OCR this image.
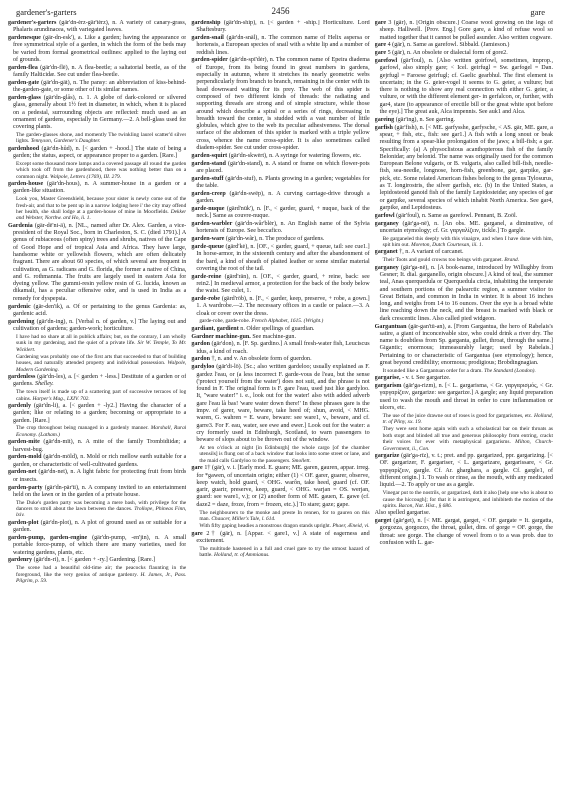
gardener's-garters	2456	gare

gardener's-garters (gär'dn-ėrz-gär'tėrz), n. A variety of canary-grass, Phalaris arundinacea, with variegated leaves.

gardenesque (gär-dn-esk'), a. Like a garden; having the appearance or free symmetrical style of a garden, in which the form of the beds may be varied from formal geometrical outlines: applied to the laying out of grounds.

garden-flea (gär'dn-flē), n. A flea-beetle; a saltatorial beetle, as of the family Halticidæ. See cut under flea-beetle.

garden-gate (gär'dn-gāt), n. The pansy: an abbreviation of kiss-behind-the-garden-gate, or some other of its similar names.

garden-glass (gär'dn-glås), n. 1. A globe of dark-colored or silvered glass, generally about 1½ feet in diameter, in which, when it is placed on a pedestal, surrounding objects are reflected: much used as an ornament of gardens, especially in Germany.—2. A bell-glass used for covering plants.

The garden-glasses shone, and momently The twinkling laurel scatter'd silver lights. Tennyson, Gardener's Daughter.

gardenhood (gär'dn-hůd), n. [< garden + -hood.] The state of being a garden; the status, aspect, or appearance proper to a garden. [Rare.]

Except some thousand more lamps and a covered passage all round the garden which took off from the gardenhood, there was nothing better than on a common night. Walpole, Letters (1769), III. 279.

garden-house (gär'dn-hous), n. A summer-house in a garden or a garden-like situation.

Look you, Master Greenshield, because your sister is newly come out of the fresh-air, and that to be pent up in a narrow lodging here i' the city may offend her health, she shall lodge at a garden-house of mine in Moorfields. Dekker and Webster, Northw. ard Ho, ii. 1.

Gardenia (gär-dē'ni-ä), n. [NL., named after Dr. Alex. Garden, a vice-president of the Royal Soc., born in Charleston, S. C. (died 1791).] A genus of rubiaceous (often spiny) trees and shrubs, natives of the Cape of Good Hope and of tropical Asia and Africa. They have large, handsome white or yellowish flowers, which are often delicately fragrant. There are about 60 species, of which several are frequent in cultivation, as G. radicans and G. florida, the former a native of China, and G. rothmannia. The fruits are largely used in eastern Asia for dyeing yellow. The gummi-resin yellow resin of G. lucida, known as dikamali, has a peculiar offensive odor, and is used in India as a remedy for dyspepsia.

gardenic (gär-den'ik), a. Of or pertaining to the genus Gardenia: as, gardenic acid.

gardening (gär'dn-ing), n. [Verbal n. of garden, v.] The laying out and cultivation of gardens; garden-work; horticulture.

I have had no share at all in publick affairs; but, on the contrary, I am wholly sunk in my gardening, and the quiet of a private life. Sir W. Temple, To Mr. Wicklert.

Gardening was probably one of the first arts that succeeded to that of building houses, and naturally attended property and individual possession. Walpole, Modern Gardening.

gardenless (gär'dn-les), a. [< garden + -less.] Destitute of a garden or of gardens. Shelley.

The town itself is made up of a scattering part of successive terraces of log cabins. Harper's Mag., LXIV. 702.

gardenly (gär'dn-li), a. [< garden + -ly2.] Having the character of a garden; like or relating to a garden; becoming or appropriate to a garden. [Rare.]

The crop throughout being managed in a gardenly manner. Marshall, Rural Economy. (Latham.)

garden-mite (gär'dn-mīt), n. A mite of the family Trombidiidæ; a harvest-bug.

garden-mold (gär'dn-mōld), n. Mold or rich mellow earth suitable for a garden, or characteristic of well-cultivated gardens.

garden-net (gär'dn-net), n. A light fabric for protecting fruit from birds or insects.

garden-party (gär'dn-pär'ti), n. A company invited to an entertainment held on the lawn or in the garden of a private house.

The Duke's garden party was becoming a mere bash, with privilege for the dancers to stroll about the lawn between the dances. Trollope, Phineas Finn, lxiv.

garden-plot (gär'dn-plot), n. A plot of ground used as or suitable for a garden.

garden-pump, garden-engine (gär'dn-pump, -en'jin), n. A small portable force-pump, of which there are many varieties, used for watering gardens, plants, etc.

gardenry (gär'dn-ri), n. [< garden + -ry.] Gardening. [Rare.]

The scene had a beautiful old-time air; the peacocks flaunting in the foreground, like the very genius of antique gardenry. H. James, Jr., Pass. Pilgrim, p. 59.

gardenship (gär'dn-ship), n. [< garden + -ship.] Horticulture. Lord Shaftesbury.

garden-snail (gär'dn-snāl), n. The common name of Helix aspersa or hortensis, a European species of snail with a white lip and a number of reddish lines.

garden-spider (gär'dn-spī'dėr), n. The common name of Epeira diadema of Europe, from its being found in great numbers in gardens, especially in autumn, where it stretches its nearly geometric webs perpendicularly from branch to branch, remaining in the center with its head downward waiting for its prey. The web of this spider is composed of two different kinds of threads: the radiating and supporting threads are strong and of simple structure, while those around which describe a spiral or a series of rings, decreasing in breadth toward the center, is studded with a vast number of little globules, which give to the web its peculiar adhesiveness. The dorsal surface of the abdomen of this spider is marked with a triple yellow cross, whence the name cross-spider. It is also sometimes called diadem-spider. See cut under cross-spider.

garden-squirt (gär'dn-skwėrt), n. A syringe for watering flowers, etc.

garden-stand (gär'dn-stand), n. A stand or frame on which flower-pots are placed.

garden-stuff (gär'dn-stuf), n. Plants growing in a garden; vegetables for the table.

garden-creep (gär'dn-swēp), n. A curving carriage-drive through a garden.

garde-nuque (gärd'nūk'), n. [F., < garder, guard, + nuque, back of the neck.] Same as couvre-nuque.

garden-warbler (gär'dn-wâr'blėr), n. An English name of the Sylvia hortensis of Europe. See beccafico.

garden-ware (gär'dn-wãr), n. The produce of gardens.

garde-queue (gärd'kė), n. [OF., < garder, guard, + queue, tail: see cue1.] In horse-armor, in the sixteenth century and after the abandonment of the bard, a kind of sheath of plaited leather or some similar material covering the root of the tail.

garde-reine (gärd'rān), n. [OF., < garder, guard, + reine, back: see rein2.] In medieval armor, a protection for the back of the body below the waist. See culet, 1.

garde-robe (gärd'rōb), n. [F., < garder, keep, preserve, + robe, a gown.] 1. A wardrobe.—2. The necessary offices in a castle or palace.—3. A cloak or cover over the dress.

garde-robe, garde-robe. French Alphabet, 1615. (Wright.)

gardiant, gardient n. Older spellings of guardian.

Gardner machine-gun. See machine-gun.

gardon (gär'don), n. [F. Sp. gardino.] A small fresh-water fish, Leuciscus idus, a kind of roach.

gardon †, n. and v. An obsolete form of guerdon.

gardyloo (gär'di-lö). [Sc.; also written gardeloo; usually explained as F. gardez l'eau, or (a less incorrect F. garde-vous de l'eau, but the sense ('protect yourself from the water') does not suit, and the phrase is not found in F. The original form is F. gare l'eau, used just like gardyloo. It, "ware water!" i. e., look out for the water! also with added adverb gare l'eau là bas! 'ware water down there!' In these phrases gare is the impv. of garer, ware, beware, take heed of; shun, avoid, < MHG. waren, G. wahren = E. ware, beware: see ware1, v., beware, and cf. garre3. For F. eau, water, see ewe and ewer.] Look out for the water: a cry formerly used in Edinburgh, Scotland, to warn passengers to beware of slops about to be thrown out of the window.

At ten o'clock at night [in Edinburgh] the whole cargo [of the chamber utensils] is flung out of a back window that looks into some street or lane, and the maid calls Gardyloo to the passengers. Smollett.

gare 1† (gār), v. i. [Early mod. E. guare; ME. garen, gauren, appar. irreg. for *gawen, of uncertain origin; either (1) < OF. garer, guarer, observe, keep watch, hold guard, < OHG. warôn, take heed, guard (cf. OF. garir, guarir, preserve, keep, guard, < OHG. warjan = OS. werjan, guard: see ware1, v.); or (2) another form of ME. gauen, E. gawe (cf. daze2 = daze, froze, frorn = frozen, etc.).] To stare; gaze; gape.

The neighbourers to the monke and preste In rennen, for to gauren on this man. Chaucer, Miller's Tale, l. 614.

With fifty gaping headies a monstrous dragon stands upright. Phaer, Æneid, vi.

gare 2† (gār), n. [Appar. < gare1, v.] A state of eagerness and excitement.

The multitude hastened in a full and cruel gare to try the utmost hazard of battle. Holland, tr. of Ammianus.

gare 3 (gār), n. [Origin obscure.] Coarse wool growing on the legs of sheep. Halliwell. [Prov. Eng.] Gore gare, a kind of refuse wool so matted together that it cannot be pulled asunder. Also written cogware.

gare 4 (gār), n. Same as garefowl. Sibbald. (Jamieson.)

gare 5 (gār), n. An obsolete or dialectal form of gore2.

garefowl (gär'foul), n. [Also written goirfowl, sometimes, improp., garfowl, also simply gare; < Icel. geirfugl = Sw. garfogel = Dan. gejrfugl = Faroese geirfugl; cf. Gaelic gearbhul. The first element is uncertain; in the G. geier-vogel it seems to G. geier, a vulture; but there is nothing to show any real connection with either G. geier, a vulture, or with the different element ger- in gerfalcon, or, further, with gar4, stare (to appearance of erectile bill or the great white spot before the eye).] The great auk, Alca impennis. See auk1 and Alca.

gareing (gär'ing), n. See garring.

garfish (gär'fish), n. [< ME. garfysshe, garfysche, < AS. gār, ME. gare, a spear, + fish, etc., fish: see gar1.] A fish with a long snout or beak resulting from a spear-like prolongation of the jaws; a bill-fish; a gar. Specifically: (a) A physoclistous acanthopterous fish of the family Belonidæ; any belonid. The name was originally used for the common European Belone vulgaris, or B. vulgaris, also called bill-fish, needle-fish, sea-needle, longnose, horn-fish, greenbone, gar, garpike, gar-pick, etc. Some related American fishes belong to the genus Tylosurus, as T. longirostris, the silver garfish, etc. (b) In the United States, a lepidosteoid ganoid fish of the family Lepidosteidæ; any species of gar or garpike, several species of which inhabit North America. See gar4, garpike, and Lepidosteus.

garfowl (gär'foul), n. Same as garefowl. Pennant, B. Zoöl.

garganey (gär'ga-nē), n. [An obs. ME. garganel, a diminutive, of uncertain etymology; cf. Gr. γαργαλίζειν, tickle.] To gargle.

Be garganeled this deeply with this vinaigre, and when I have done with him, spit him out. Moreton, Dutch Courtesan, iii. 1.

garganet †, n. A variant of carcanet.

Their Toots and gould crowns too beings with garganet. Brand.

garganey (gär'ga-nē), n. [A book-name, introduced by Willughby from Gesner; It. dial. garganello, origin obscure.] A kind of teal, the summer teal, Anas querquedula or Querquedula circia, inhabiting the temperate and southern portions of the palearctic region, a summer visitor to Great Britain, and common in India in winter. It is about 16 inches long, and weighs from 14 to 16 ounces. Over the eye is a broad white line reaching down the neck, and the breast is marked with black or dark crescentic lines. Also called pied widgeon.

Gargantuan (gär-gan'tū-an), a. [From Gargantua, the hero of Rabelais's satire, a giant of inconceivable size, who could drink a river dry. The name is doubtless from Sp. garganta, gullet, throat, through the same.] Gigantic; enormous; immeasurably large; used by Rabelais.] Pertaining to or characteristic of Gargantua (see etymology); hence, great beyond credibility; enormous; prodigious; Brobdingnagian.

It sounded like a Gargantuan order for a dram. The Standard (London).

gargarise, - v. t. See gargarize.

gargarism (gär'ga-rizm), n. [< L. gargarisma, < Gr. γαργαρισμός, < Gr. γαργαρίζειν, gargarize: see gargarize.] A gargle; any liquid preparation used to wash the mouth and throat in order to cure inflammation or ulcers, etc.

The use of the juice drawne out of roses is good for gargarismes, etc. Holland, tr. of Pliny, xx. 19.

They were sent home again with such a scholastical bar on their throats as both stopt and blinded all true and generous philosophy from entring, crackt their voices for ever with metaphysical gargarisms. Milton, Church-Government, ii., Con.

gargarize (gär'ga-rīz), v. t.; pret. and pp. gargarized, ppr. gargarizing. [< OF. gargarizer, F. gargariser, < L. gargarizare, gargarissare, < Gr. γαργαρίζειν, gargle. Cf. Ar. gharghara, a gargle. Cf. gargle1, of different origin.] 1. To wash or rinse, as the mouth, with any medicated liquid.—2. To apply or use as a gargle.

Vinegar put to the nostrils, or gargarized, doth it also [help one who is about to cause the hiccough]; for that it is astringent, and inhibiteth the motion of the spirits. Bacon, Nat. Hist., § 686.

Also spelled gargarise.

garget (gär'get), n. [< ME. gargat, garget, < OF. gargate = It. gargatta, gorgozza, gorgozzo, the throat, gullet, dim. of gorge = OF. gorge, the throat: see gorge. The change of vowel from o to a was prob. due to confusion with L. gar-
